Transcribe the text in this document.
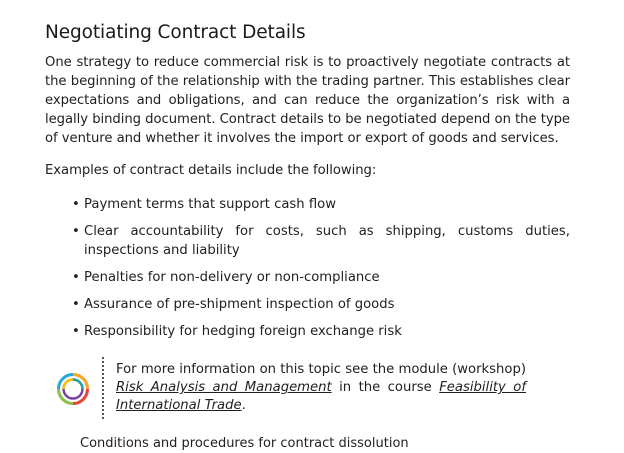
Negotiating Contract Details

One strategy to reduce commercial risk is to proactively negotiate contracts at the beginning of the relationship with the trading partner. This establishes clear expectations and obligations, and can reduce the organization’s risk with a legally binding document. Contract details to be negotiated depend on the type of venture and whether it involves the import or export of goods and services.

Examples of contract details include the following:

• Payment terms that support cash flow
• Clear accountability for costs, such as shipping, customs duties, inspections and liability
• Penalties for non-delivery or non-compliance
• Assurance of pre-shipment inspection of goods
• Responsibility for hedging foreign exchange risk
For more information on this topic see the module (workshop) Risk Analysis and Management in the course Feasibility of International Trade.
Conditions and procedures for contract dissolution
